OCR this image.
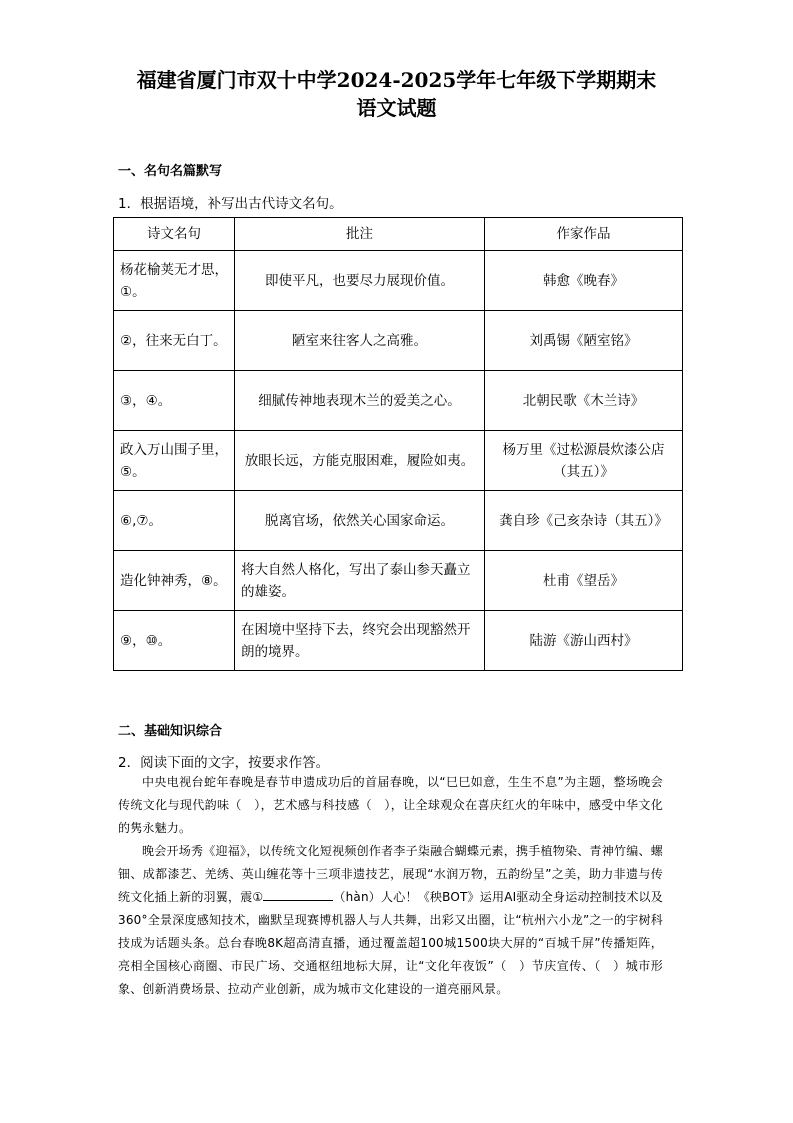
福建省厦门市双十中学2024-2025学年七年级下学期期末
语文试题
一、名句名篇默写
1．根据语境，补写出古代诗文名句。
诗文名句	批注	作家作品
杨花榆荚无才思，①。	即使平凡，也要尽力展现价值。	韩愈《晚春》
②，往来无白丁。	陋室来往客人之高雅。	刘禹锡《陋室铭》
③，④。	细腻传神地表现木兰的爱美之心。	北朝民歌《木兰诗》
政入万山围子里，⑤。	放眼长远，方能克服困难，履险如夷。	杨万里《过松源晨炊漆公店（其五）》
⑥,⑦。	脱离官场，依然关心国家命运。	龚自珍《己亥杂诗（其五）》
造化钟神秀，⑧。	将大自然人格化，写出了泰山参天矗立的雄姿。	杜甫《望岳》
⑨，⑩。	在困境中坚持下去，终究会出现豁然开朗的境界。	陆游《游山西村》
二、基础知识综合
2．阅读下面的文字，按要求作答。

中央电视台蛇年春晚是春节申遗成功后的首届春晚，以“巳巳如意，生生不息”为主题，整场晚会传统文化与现代韵味（　），艺术感与科技感（　），让全球观众在喜庆红火的年味中，感受中华文化的隽永魅力。

晚会开场秀《迎福》，以传统文化短视频创作者李子柒融合蝴蝶元素，携手植物染、青神竹编、螺钿、成都漆艺、羌绣、英山缠花等十三项非遗技艺，展现“水润万物，五韵纷呈”之美，助力非遗与传统文化插上新的羽翼，震①	（hàn）人心！《秧BOT》运用AI驱动全身运动控制技术以及360°全景深度感知技术，幽默呈现赛博机器人与人共舞，出彩又出圈，让“杭州六小龙”之一的宇树科技成为话题头条。总台春晚8K超高清直播，通过覆盖超100城1500块大屏的“百城千屏”传播矩阵，亮相全国核心商圈、市民广场、交通枢纽地标大屏，让“文化年夜饭”（　）节庆宣传、（　）城市形象、创新消费场景、拉动产业创新，成为城市文化建设的一道亮丽风景。
